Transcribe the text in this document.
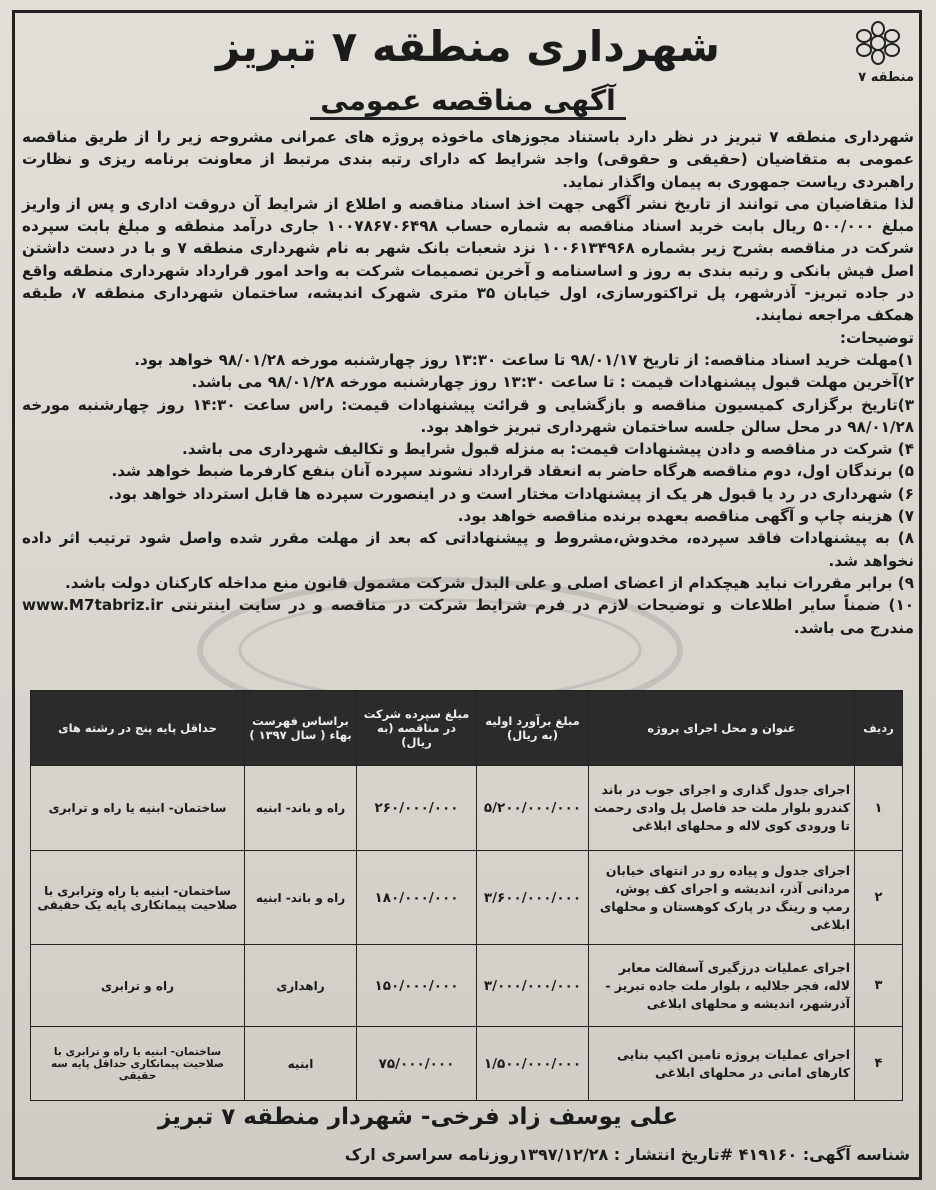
منطقه ۷
شهرداری منطقه ۷ تبریز
آگهی مناقصه عمومی

شهرداری منطقه ۷ تبریز در نظر دارد باستناد مجوزهای ماخوذه پروژه های عمرانی مشروحه زیر را از طریق مناقصه عمومی به متقاضیان (حقیقی و حقوقی) واجد شرایط که دارای رتبه بندی مرتبط از معاونت برنامه ریزی و نظارت راهبردی ریاست جمهوری به پیمان واگذار نماید.

لذا متقاضیان می توانند از تاریخ نشر آگهی جهت اخذ اسناد مناقصه و اطلاع از شرایط آن دروقت اداری و پس از واریز مبلغ ۵۰۰/۰۰۰ ریال بابت خرید اسناد مناقصه به شماره حساب ۱۰۰۷۸۶۷۰۶۴۹۸ جاری درآمد منطقه و مبلغ بابت سپرده شرکت در مناقصه بشرح زیر بشماره ۱۰۰۶۱۳۴۹۶۸ نزد شعبات بانک شهر به نام شهرداری منطقه ۷ و با در دست داشتن اصل فیش بانکی و رتبه بندی به روز و اساسنامه و آخرین تصمیمات شرکت به واحد امور قرارداد شهرداری منطقه واقع در جاده تبریز- آذرشهر، پل تراکتورسازی، اول خیابان ۳۵ متری شهرک اندیشه، ساختمان شهرداری منطقه ۷، طبقه همکف مراجعه نمایند.

توضیحات:

۱)مهلت خرید اسناد مناقصه: از تاریخ ۹۸/۰۱/۱۷ تا ساعت ۱۳:۳۰ روز چهارشنبه مورخه ۹۸/۰۱/۲۸ خواهد بود.
۲)آخرین مهلت قبول پیشنهادات قیمت : تا ساعت ۱۳:۳۰ روز چهارشنبه مورخه ۹۸/۰۱/۲۸ می باشد.
۳)تاریخ برگزاری کمیسیون مناقصه و بازگشایی و قرائت پیشنهادات قیمت: راس ساعت ۱۴:۳۰ روز چهارشنبه مورخه ۹۸/۰۱/۲۸ در محل سالن جلسه ساختمان شهرداری تبریز خواهد بود.
۴) شرکت در مناقصه و دادن پیشنهادات قیمت: به منزله قبول شرایط و تکالیف شهرداری می باشد.
۵) برندگان اول، دوم مناقصه هرگاه حاضر به انعقاد قرارداد نشوند سپرده آنان بنفع کارفرما ضبط خواهد شد.
۶) شهرداری در رد یا قبول هر یک از پیشنهادات مختار است و در اینصورت سپرده ها قابل استرداد خواهد بود.
۷) هزینه چاپ و آگهی مناقصه بعهده برنده مناقصه خواهد بود.
۸) به پیشنهادات فاقد سپرده، مخدوش،مشروط و پیشنهاداتی که بعد از مهلت مقرر شده واصل شود ترتیب اثر داده نخواهد شد.
۹) برابر مقررات نباید هیچکدام از اعضای اصلی و علی البدل شرکت مشمول قانون منع مداخله کارکنان دولت باشد.
۱۰) ضمناً سایر اطلاعات و توضیحات لازم در فرم شرایط شرکت در مناقصه و در سایت اینترنتی www.M7tabriz.ir مندرج می باشد.
ردیف	عنوان و محل اجرای پروژه	مبلغ برآورد اولیه (به ریال)	مبلغ سپرده شرکت در مناقصه (به ریال)	براساس فهرست بهاء ( سال ۱۳۹۷ )	حداقل پایه پنج در رشته های
۱	اجرای جدول گذاری و اجرای جوب در باند کندرو بلوار ملت حد فاصل پل وادی رحمت تا ورودی کوی لاله و محلهای ابلاغی	۵/۲۰۰/۰۰۰/۰۰۰	۲۶۰/۰۰۰/۰۰۰	راه و باند- ابنیه	ساختمان- ابنیه یا راه و ترابری
۲	اجرای جدول و پیاده رو در انتهای خیابان مردانی آذر، اندیشه و اجرای کف پوش، رمپ و رینگ در پارک کوهستان و محلهای ابلاغی	۳/۶۰۰/۰۰۰/۰۰۰	۱۸۰/۰۰۰/۰۰۰	راه و باند- ابنیه	ساختمان- ابنیه یا راه وترابری با صلاحیت پیمانکاری پایه یک حقیقی
۳	اجرای عملیات درزگیری آسفالت معابر لاله، فجر جلالیه ، بلوار ملت جاده تبریز - آذرشهر، اندیشه و محلهای ابلاغی	۳/۰۰۰/۰۰۰/۰۰۰	۱۵۰/۰۰۰/۰۰۰	راهداری	راه و ترابری
۴	اجرای عملیات پروژه تامین اکیپ بنایی کارهای امانی در محلهای ابلاغی	۱/۵۰۰/۰۰۰/۰۰۰	۷۵/۰۰۰/۰۰۰	ابنیه	ساختمان- ابنیه یا راه و ترابری با صلاحیت پیمانکاری حداقل پایه سه حقیقی
علی یوسف زاد فرخی- شهردار منطقه ۷ تبریز
شناسه آگهی: ۴۱۹۱۶۰ #تاریخ انتشار : ۱۳۹۷/۱۲/۲۸روزنامه سراسری ارک
